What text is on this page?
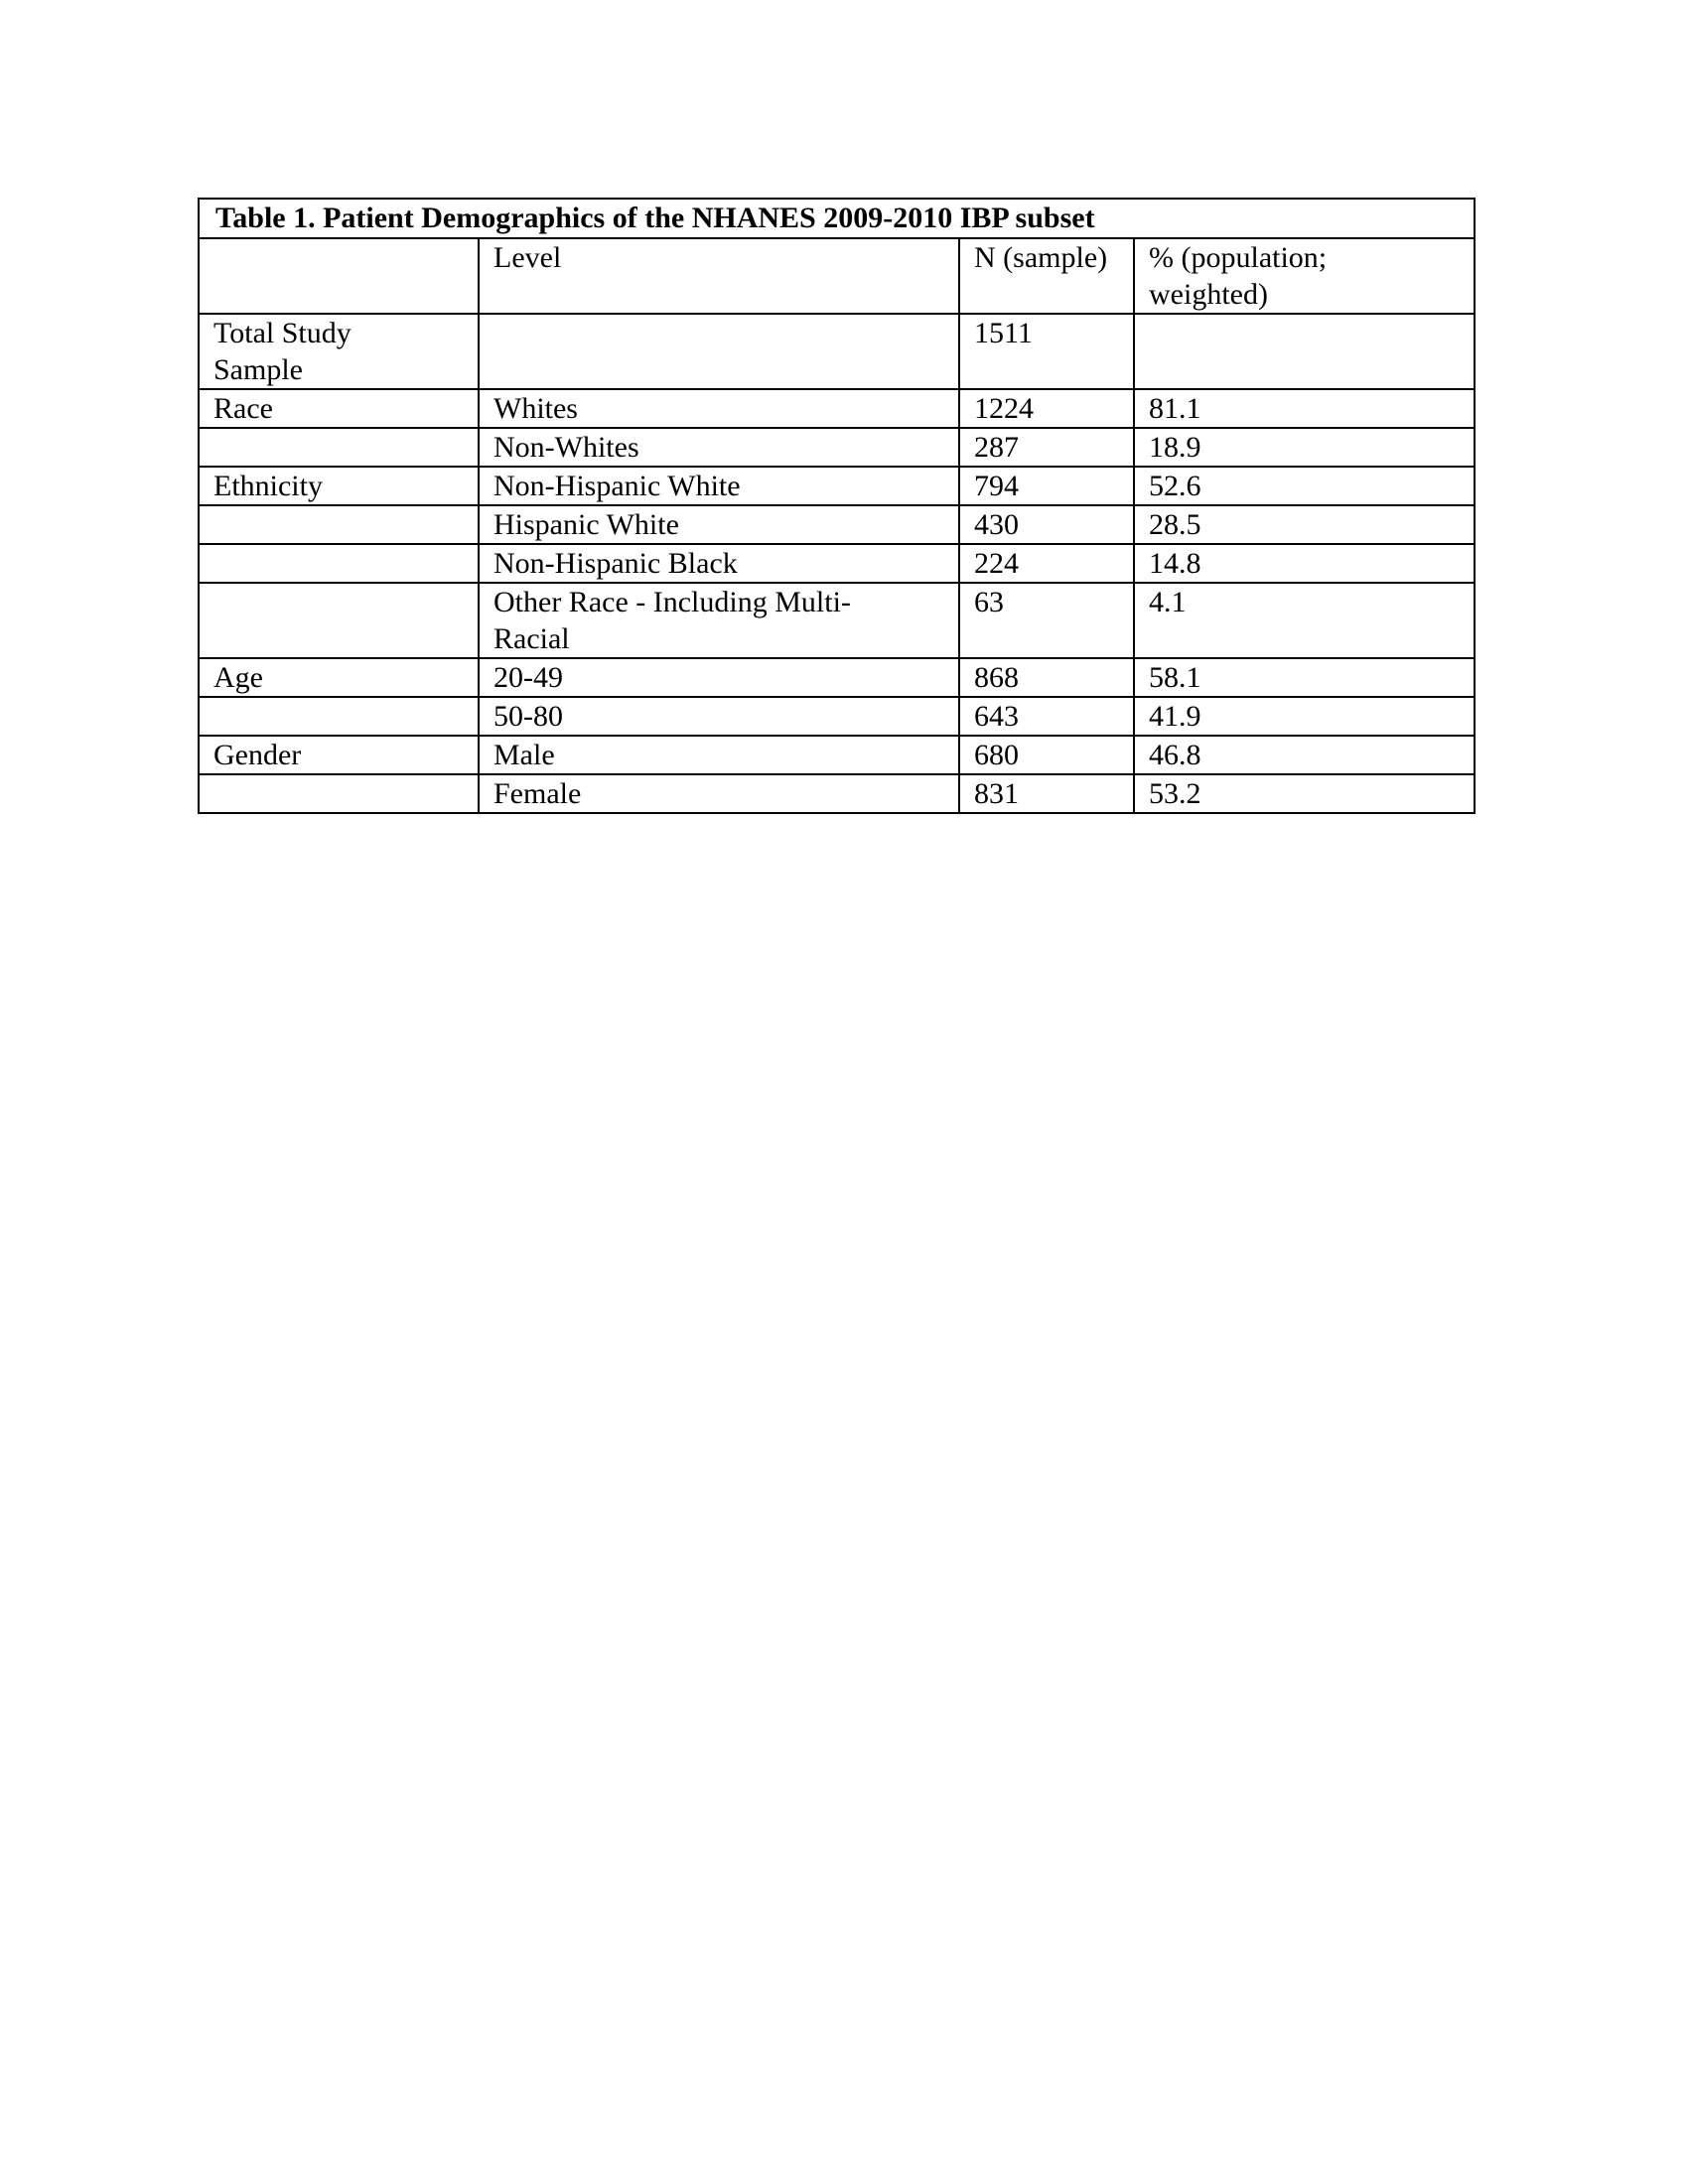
Table 1. Patient Demographics of the NHANES 2009-2010 IBP subset			
	Level	N (sample)	% (population; weighted)
Total Study Sample		1511	
Race	Whites	1224	81.1
	Non-Whites	287	18.9
Ethnicity	Non-Hispanic White	794	52.6
	Hispanic White	430	28.5
	Non-Hispanic Black	224	14.8
	Other Race - Including Multi-Racial	63	4.1
Age	20-49	868	58.1
	50-80	643	41.9
Gender	Male	680	46.8
	Female	831	53.2
